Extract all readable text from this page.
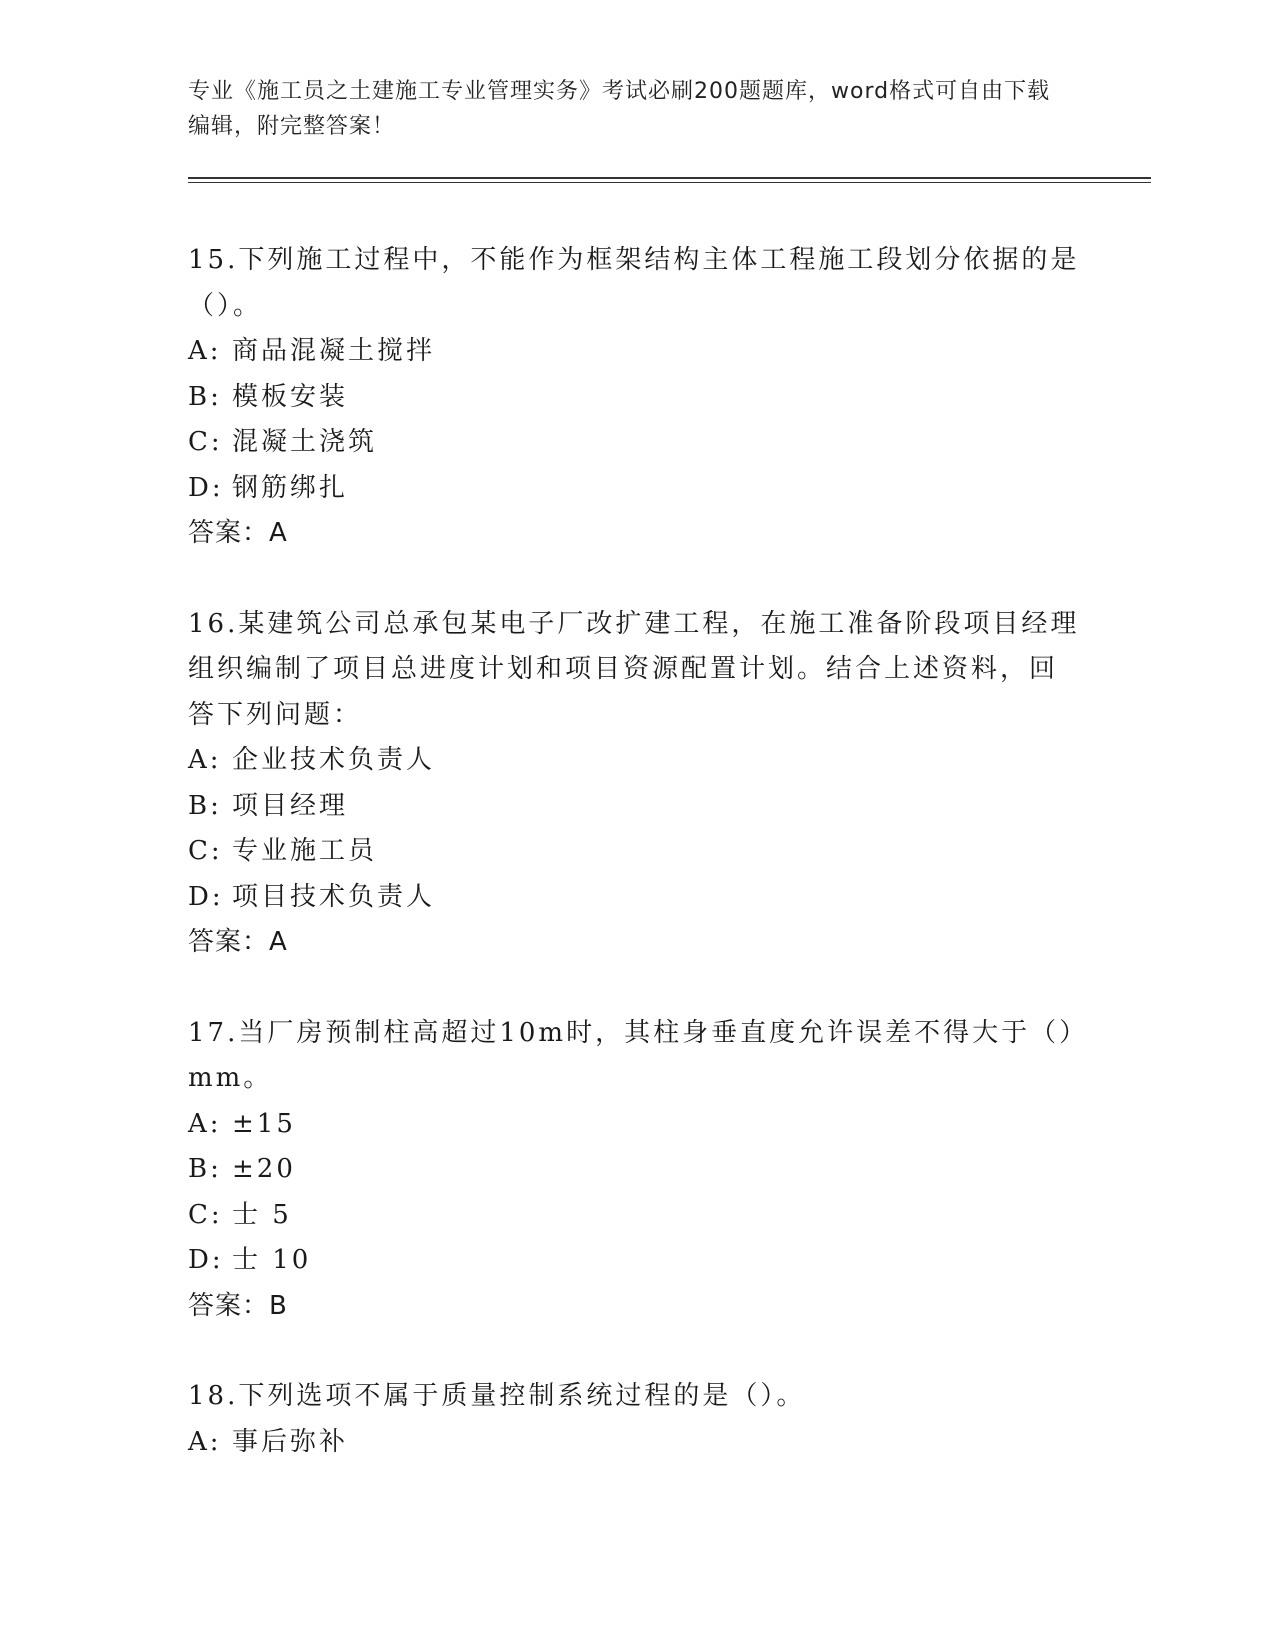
专业《施工员之土建施工专业管理实务》考试必刷200题题库，word格式可自由下载编辑，附完整答案！

15.下列施工过程中，不能作为框架结构主体工程施工段划分依据的是（）。

A: 商品混凝土搅拌

B: 模板安装

C: 混凝土浇筑

D: 钢筋绑扎

答案：A

16.某建筑公司总承包某电子厂改扩建工程，在施工准备阶段项目经理组织编制了项目总进度计划和项目资源配置计划。结合上述资料，回答下列问题：

A: 企业技术负责人

B: 项目经理

C: 专业施工员

D: 项目技术负责人

答案：A

17.当厂房预制柱高超过10m时，其柱身垂直度允许误差不得大于（）mm。

A: ±15

B: ±20

C: 士 5

D: 士 10

答案：B

18.下列选项不属于质量控制系统过程的是（）。

A: 事后弥补
